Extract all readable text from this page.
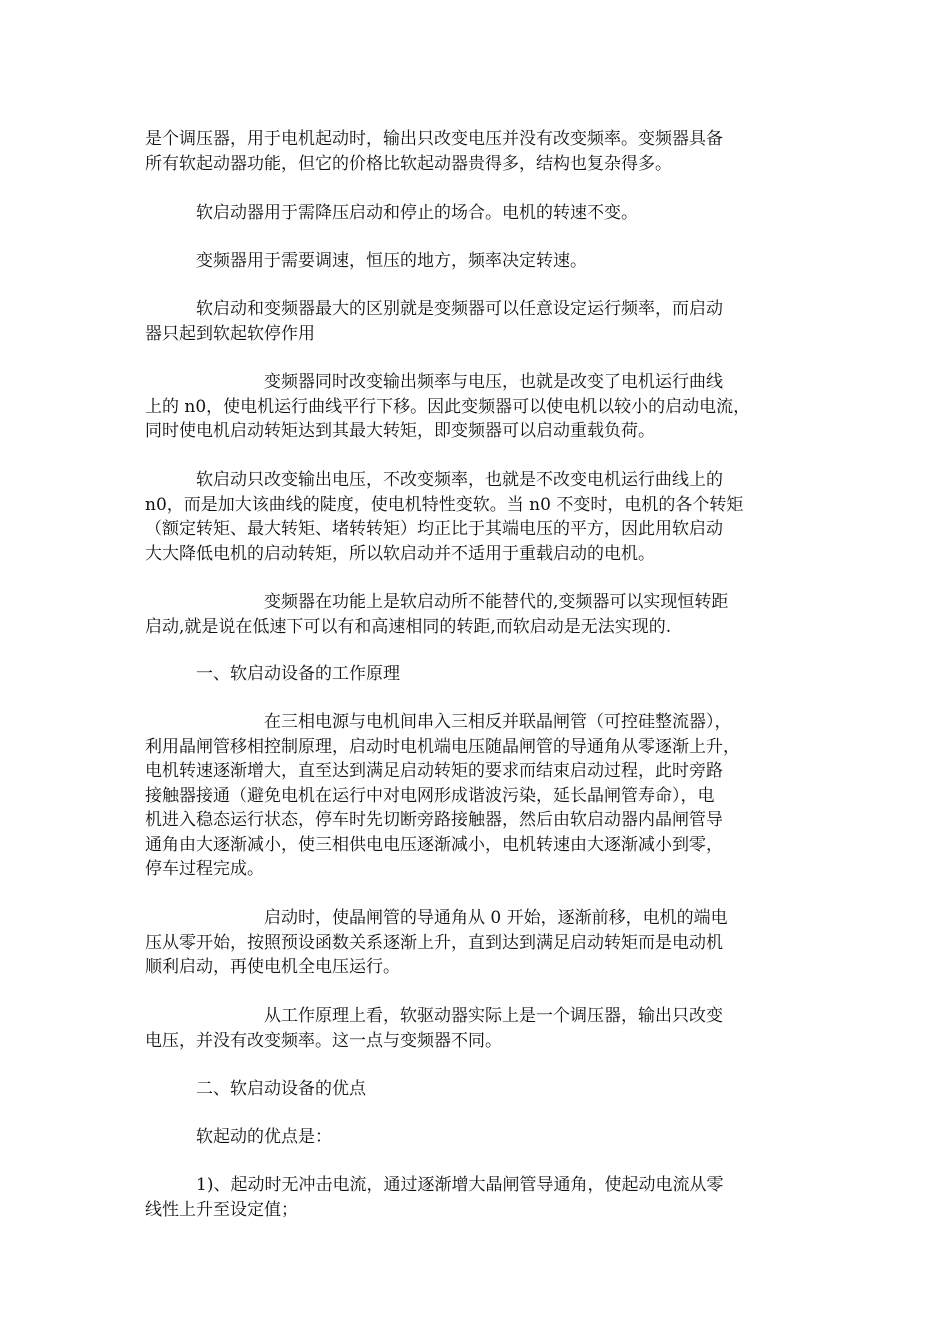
是个调压器，用于电机起动时，输出只改变电压并没有改变频率。变频器具备
所有软起动器功能，但它的价格比软起动器贵得多，结构也复杂得多。

　　　软启动器用于需降压启动和停止的场合。电机的转速不变。

　　　变频器用于需要调速，恒压的地方，频率决定转速。

　　　软启动和变频器最大的区别就是变频器可以任意设定运行频率，而启动
器只起到软起软停作用

　　　　　　　变频器同时改变输出频率与电压，也就是改变了电机运行曲线
上的 n0，使电机运行曲线平行下移。因此变频器可以使电机以较小的启动电流，
同时使电机启动转矩达到其最大转矩，即变频器可以启动重载负荷。

　　　软启动只改变输出电压，不改变频率，也就是不改变电机运行曲线上的
n0，而是加大该曲线的陡度，使电机特性变软。当 n0 不变时，电机的各个转矩
（额定转矩、最大转矩、堵转转矩）均正比于其端电压的平方，因此用软启动
大大降低电机的启动转矩，所以软启动并不适用于重载启动的电机。

　　　　　　　变频器在功能上是软启动所不能替代的,变频器可以实现恒转距
启动,就是说在低速下可以有和高速相同的转距,而软启动是无法实现的.

　　　一、软启动设备的工作原理

　　　　　　　在三相电源与电机间串入三相反并联晶闸管（可控硅整流器），
利用晶闸管移相控制原理，启动时电机端电压随晶闸管的导通角从零逐渐上升，
电机转速逐渐增大，直至达到满足启动转矩的要求而结束启动过程，此时旁路
接触器接通（避免电机在运行中对电网形成谐波污染，延长晶闸管寿命），电
机进入稳态运行状态，停车时先切断旁路接触器，然后由软启动器内晶闸管导
通角由大逐渐减小，使三相供电电压逐渐减小，电机转速由大逐渐减小到零，
停车过程完成。

　　　　　　　启动时，使晶闸管的导通角从 0 开始，逐渐前移，电机的端电
压从零开始，按照预设函数关系逐渐上升，直到达到满足启动转矩而是电动机
顺利启动，再使电机全电压运行。

　　　　　　　从工作原理上看，软驱动器实际上是一个调压器，输出只改变
电压，并没有改变频率。这一点与变频器不同。

　　　二、软启动设备的优点

　　　软起动的优点是：

　　　1)、起动时无冲击电流，通过逐渐增大晶闸管导通角，使起动电流从零
线性上升至设定值；
